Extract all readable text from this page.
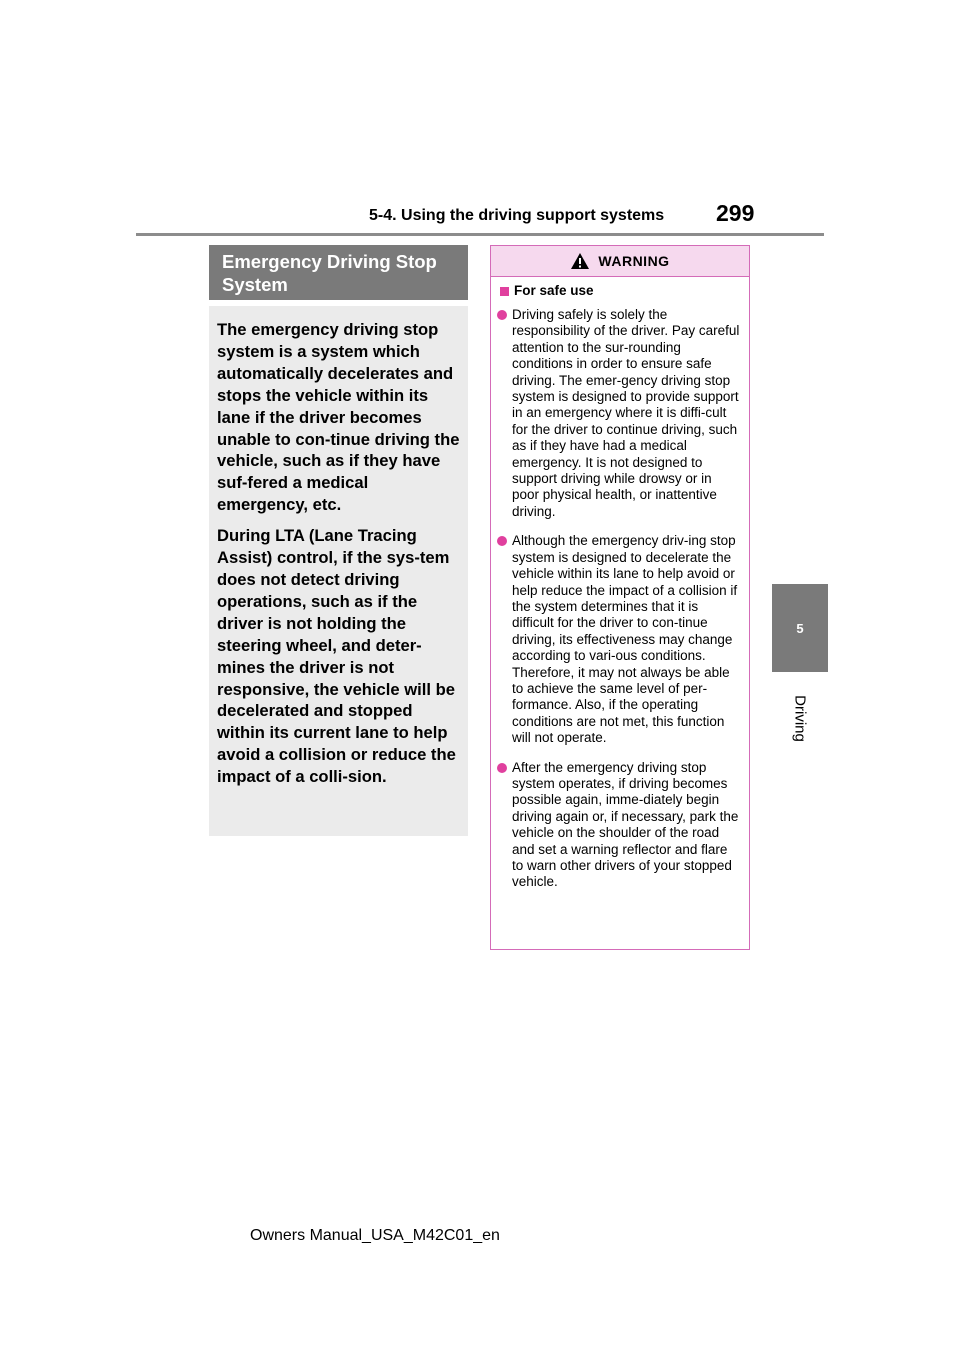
5-4. Using the driving support systems 299
5
Driving
Emergency Driving Stop System

The emergency driving stop system is a system which automatically decelerates and stops the vehicle within its lane if the driver becomes unable to con-tinue driving the vehicle, such as if they have suf-fered a medical emergency, etc.

During LTA (Lane Tracing Assist) control, if the sys-tem does not detect driving operations, such as if the driver is not holding the steering wheel, and deter-mines the driver is not responsive, the vehicle will be decelerated and stopped within its current lane to help avoid a collision or reduce the impact of a colli-sion.

WARNING
For safe use
Driving safely is solely the responsibility of the driver. Pay careful attention to the sur-rounding conditions in order to ensure safe driving. The emer-gency driving stop system is designed to provide support in an emergency where it is diffi-cult for the driver to continue driving, such as if they have had a medical emergency. It is not designed to support driving while drowsy or in poor physical health, or inattentive driving.
Although the emergency driv-ing stop system is designed to decelerate the vehicle within its lane to help avoid or help reduce the impact of a collision if the system determines that it is difficult for the driver to con-tinue driving, its effectiveness may change according to vari-ous conditions. Therefore, it may not always be able to achieve the same level of per-formance. Also, if the operating conditions are not met, this function will not operate.
After the emergency driving stop system operates, if driving becomes possible again, imme-diately begin driving again or, if necessary, park the vehicle on the shoulder of the road and set a warning reflector and flare to warn other drivers of your stopped vehicle.
Owners Manual_USA_M42C01_en
